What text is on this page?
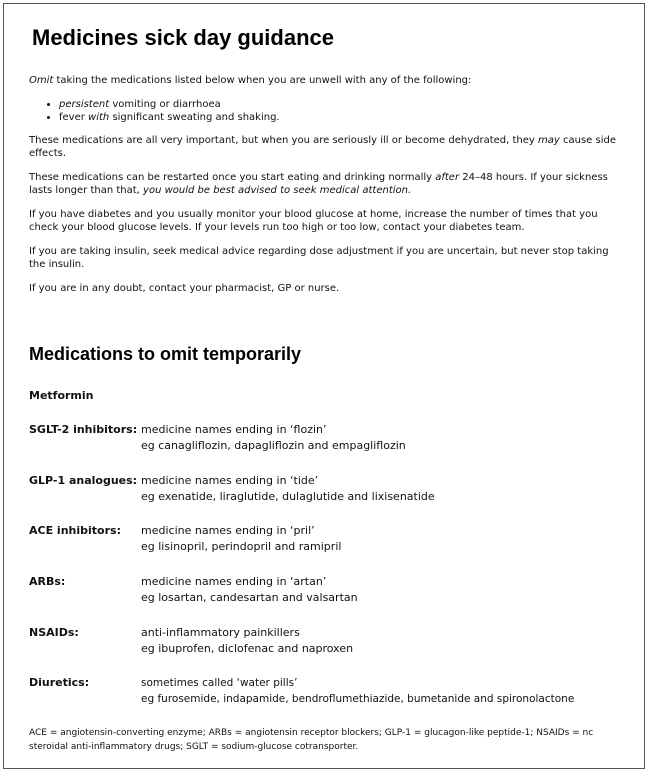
Medicines sick day guidance

Omit taking the medications listed below when you are unwell with any of the following:

• persistent vomiting or diarrhoea
• fever with significant sweating and shaking.

These medications are all very important, but when you are seriously ill or become dehydrated, they may cause side effects.

These medications can be restarted once you start eating and drinking normally after 24–48 hours. If your sickness lasts longer than that, you would be best advised to seek medical attention.

If you have diabetes and you usually monitor your blood glucose at home, increase the number of times that you check your blood glucose levels. If your levels run too high or too low, contact your diabetes team.

If you are taking insulin, seek medical advice regarding dose adjustment if you are uncertain, but never stop taking the insulin.

If you are in any doubt, contact your pharmacist, GP or nurse.

Medications to omit temporarily
Metformin
SGLT-2 inhibitors: medicine names ending in ‘flozin’
eg canagliflozin, dapagliflozin and empagliflozin
GLP-1 analogues: medicine names ending in ‘tide’
eg exenatide, liraglutide, dulaglutide and lixisenatide
ACE inhibitors: medicine names ending in ‘pril’
eg lisinopril, perindopril and ramipril
ARBs:	medicine names ending in ‘artan’
eg losartan, candesartan and valsartan
NSAIDs:	anti-inflammatory painkillers
eg ibuprofen, diclofenac and naproxen
Diuretics:	sometimes called ‘water pills’
eg furosemide, indapamide, bendroflumethiazide, bumetanide and spironolactone
ACE = angiotensin-converting enzyme; ARBs = angiotensin receptor blockers; GLP-1 = glucagon-like peptide-1; NSAIDs = nc
steroidal anti-inflammatory drugs; SGLT = sodium-glucose cotransporter.
